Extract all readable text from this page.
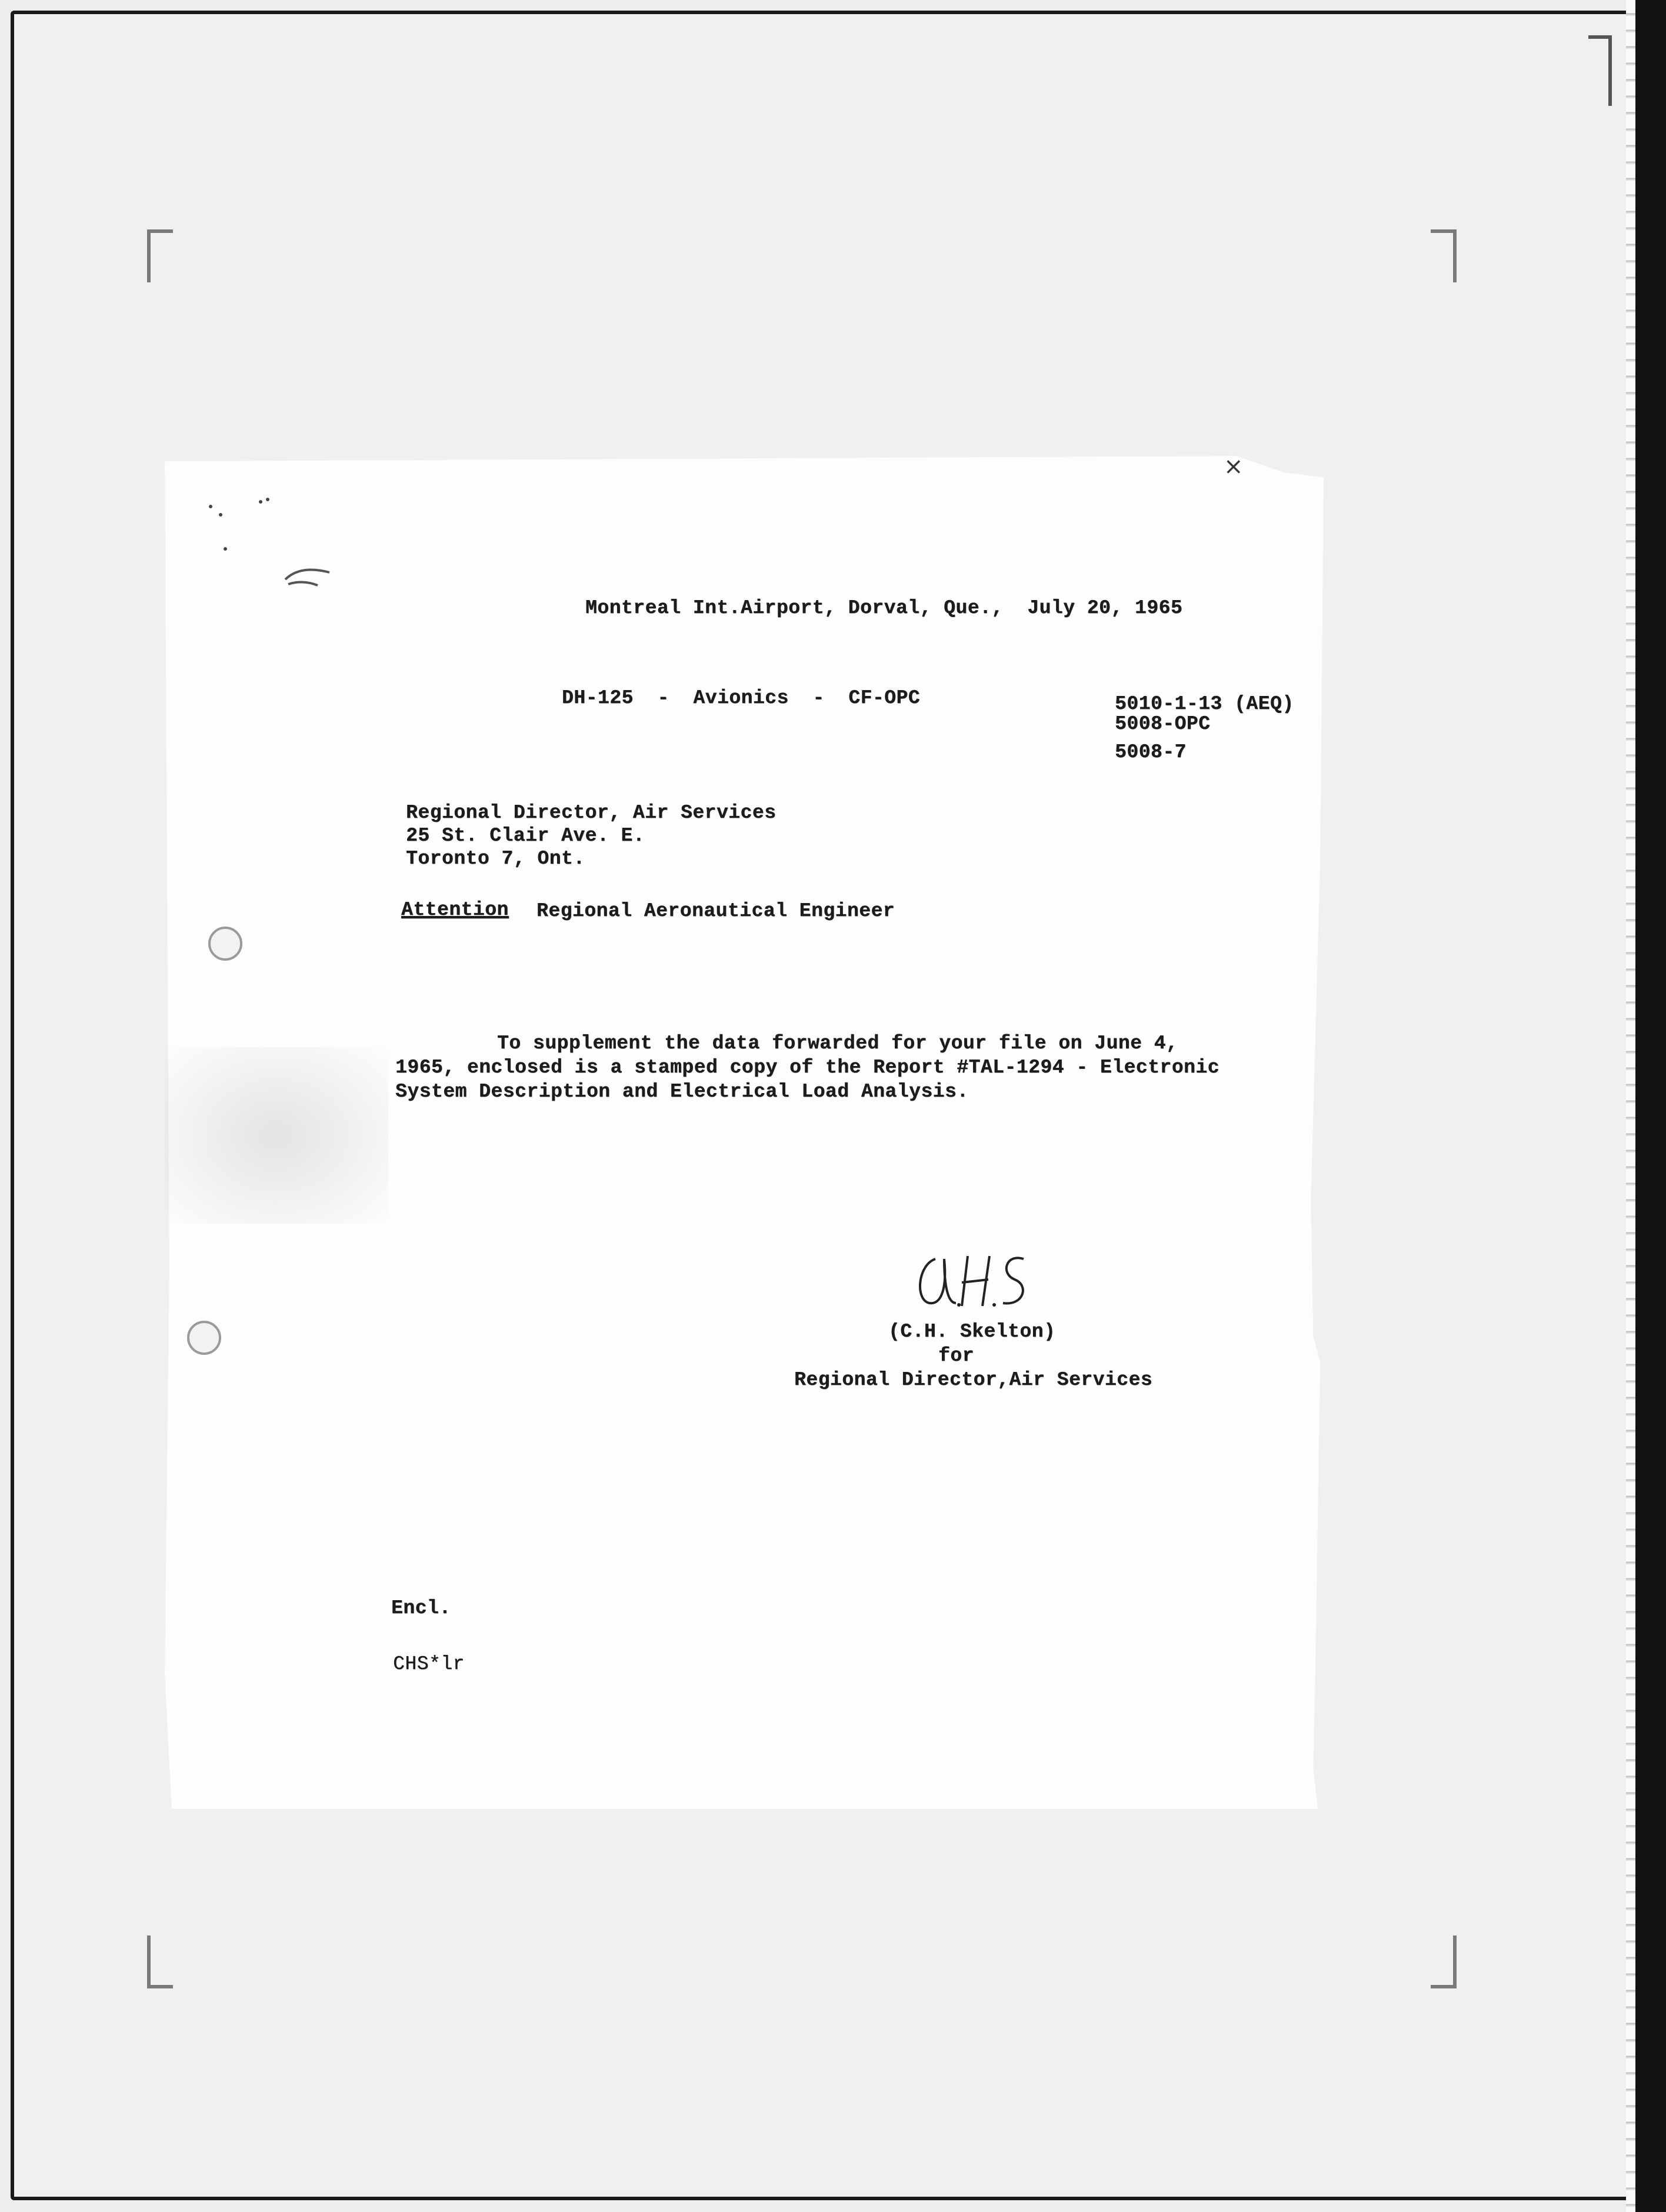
⨯
Montreal Int.Airport, Dorval, Que.,  July 20, 1965
DH-125  -  Avionics  -  CF-OPC	5010-1-13 (AEQ)
5008-OPC
5008-7
Regional Director, Air Services
25 St. Clair Ave. E.
Toronto 7, Ont.
Attention Regional Aeronautical Engineer
To supplement the data forwarded for your file on June 4,
1965, enclosed is a stamped copy of the Report #TAL-1294 - Electronic
System Description and Electrical Load Analysis.
(C.H. Skelton)
for
Regional Director,Air Services
Encl.
CHS*lr
